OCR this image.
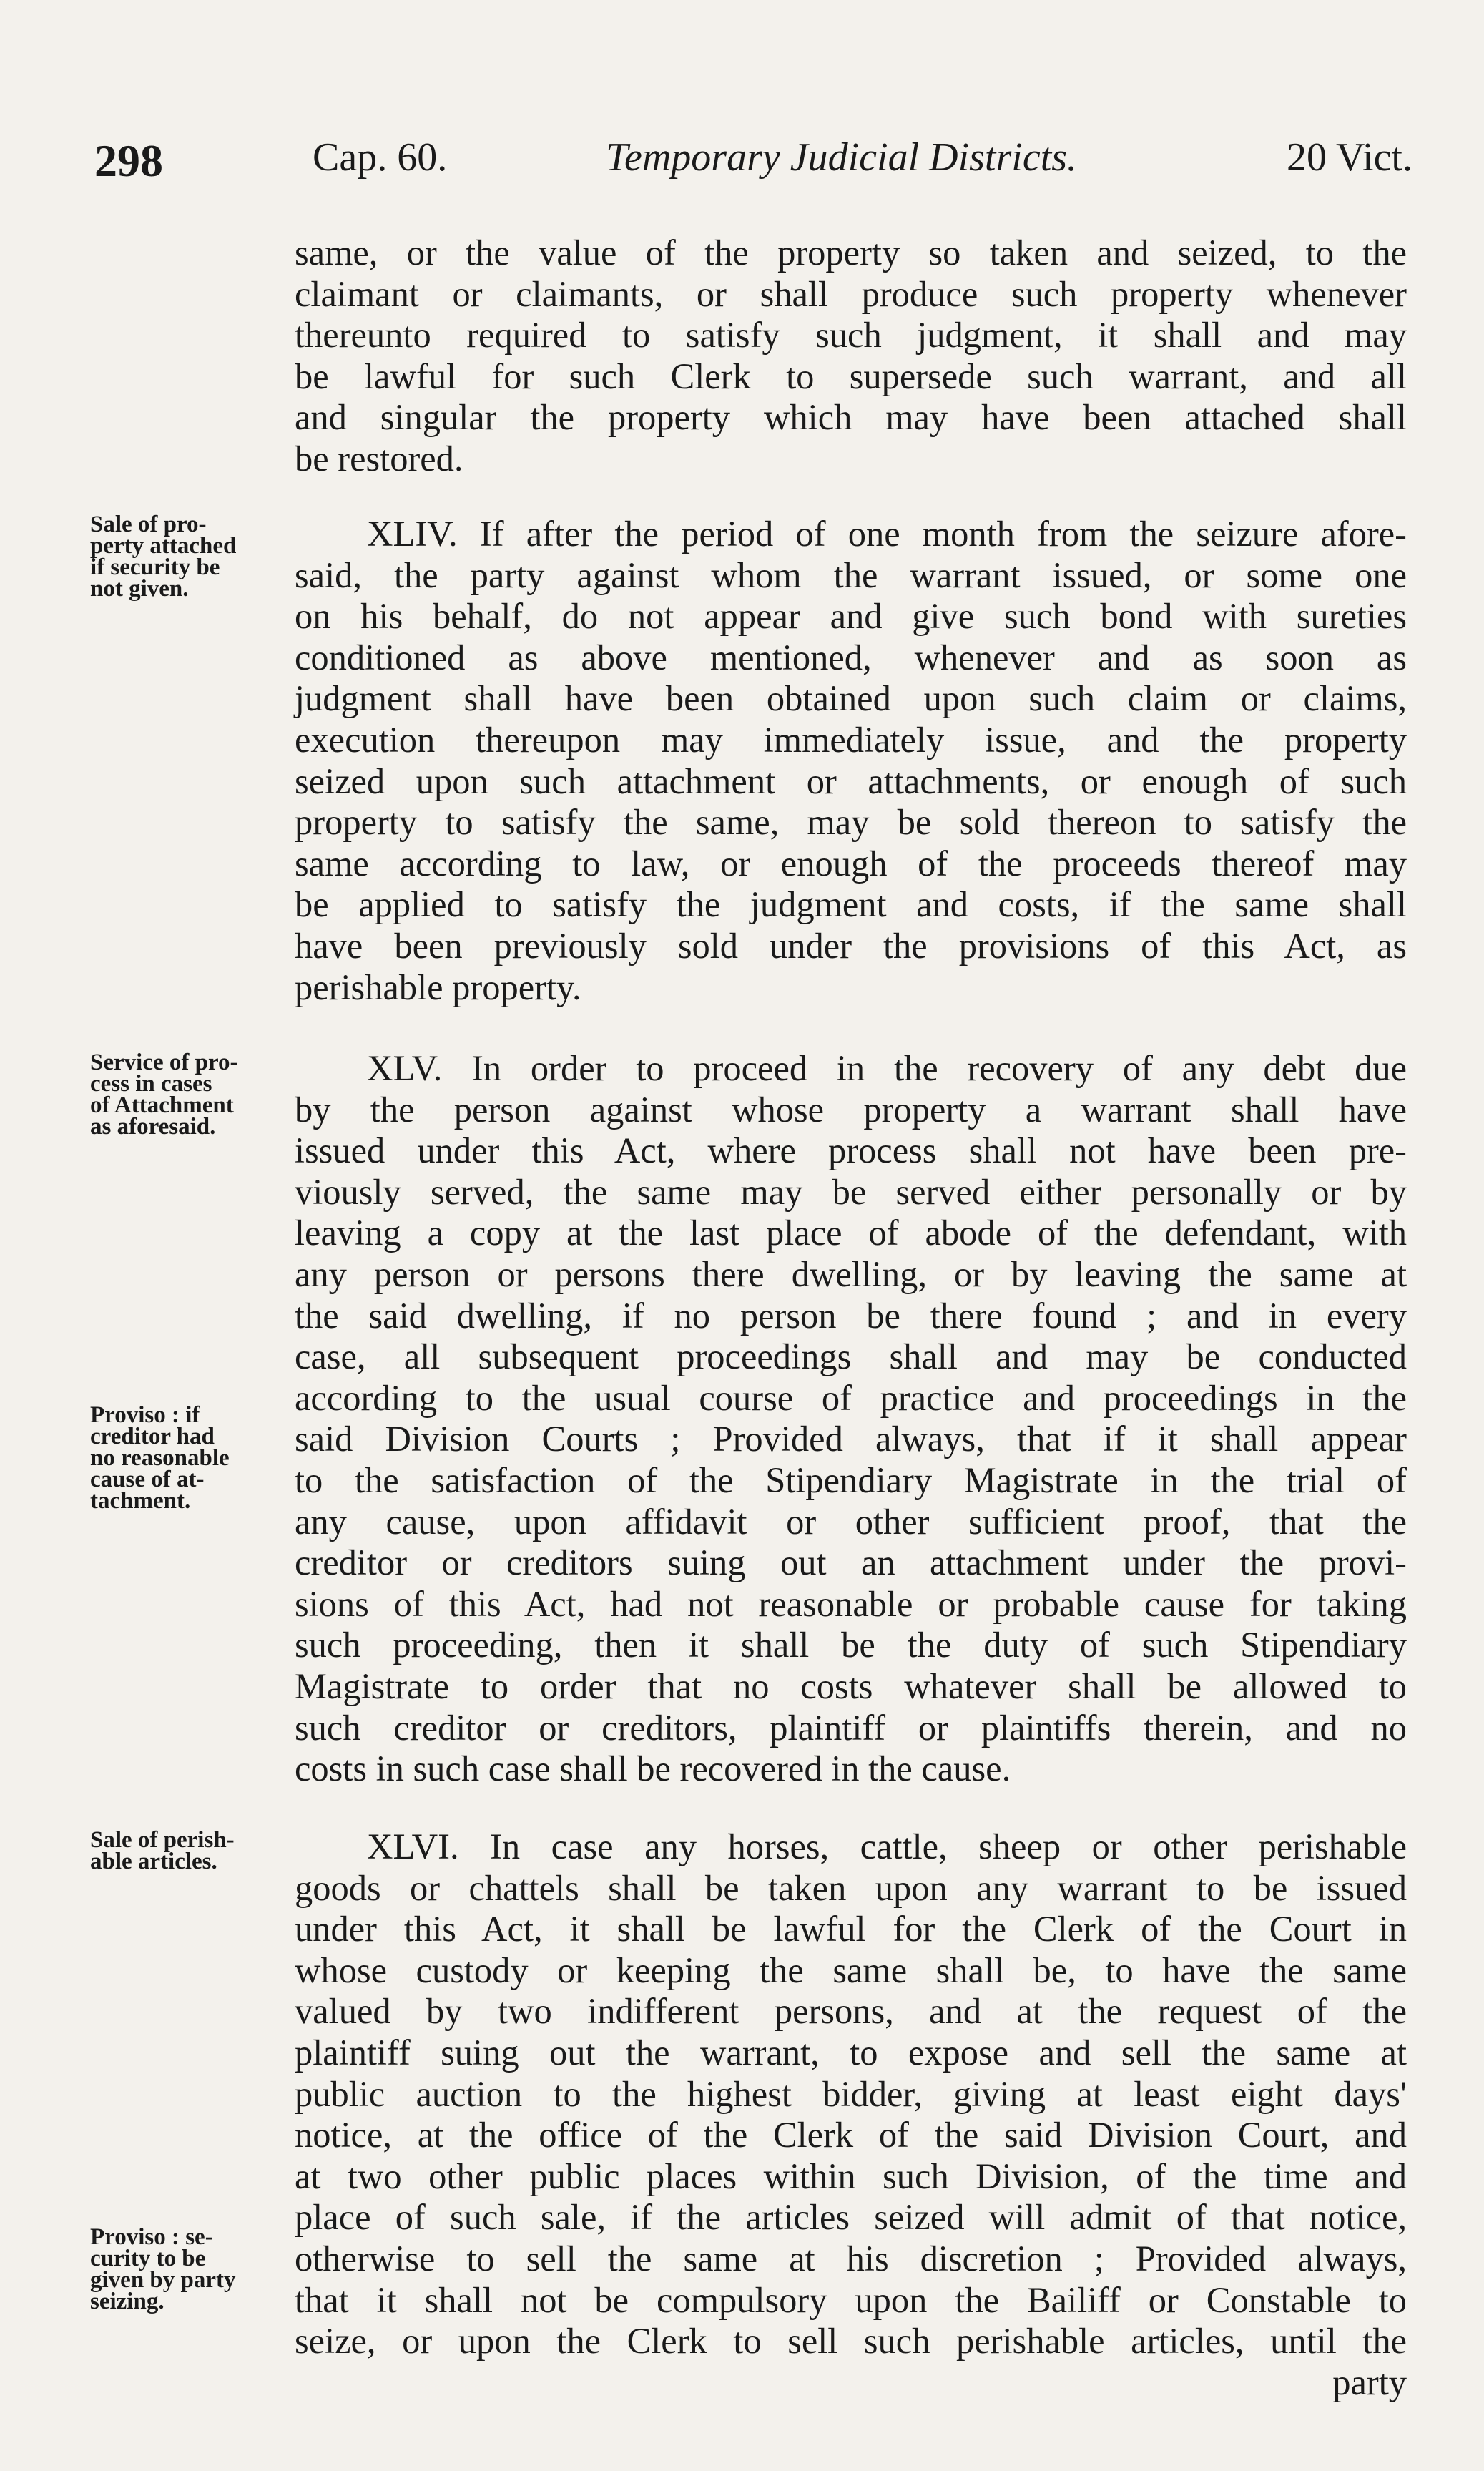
298	Cap. 60.	Temporary Judicial Districts.	20 Vict.
same, or the value of the property so taken and seized, to the
claimant or claimants, or shall produce such property whenever
thereunto required to satisfy such judgment, it shall and may
be lawful for such Clerk to supersede such warrant, and all
and singular the property which may have been attached shall
be restored.
Sale of pro-
perty attached
if security be
not given.
  XLIV. If after the period of one month from the seizure afore-
said, the party against whom the warrant issued, or some one
on his behalf, do not appear and give such bond with sureties
conditioned as above mentioned, whenever and as soon as
judgment shall have been obtained upon such claim or claims,
execution thereupon may immediately issue, and the property
seized upon such attachment or attachments, or enough of such
property to satisfy the same, may be sold thereon to satisfy the
same according to law, or enough of the proceeds thereof may
be applied to satisfy the judgment and costs, if the same shall
have been previously sold under the provisions of this Act, as
perishable property.
Service of pro-
cess in cases
of Attachment
as aforesaid.
  XLV. In order to proceed in the recovery of any debt due
by the person against whose property a warrant shall have
issued under this Act, where process shall not have been pre-
viously served, the same may be served either personally or by
leaving a copy at the last place of abode of the defendant, with
any person or persons there dwelling, or by leaving the same at
the said dwelling, if no person be there found ; and in every
case, all subsequent proceedings shall and may be conducted
according to the usual course of practice and proceedings in the
said Division Courts ; Provided always, that if it shall appear
to the satisfaction of the Stipendiary Magistrate in the trial of
any cause, upon affidavit or other sufficient proof, that the
creditor or creditors suing out an attachment under the provi-
sions of this Act, had not reasonable or probable cause for taking
such proceeding, then it shall be the duty of such Stipendiary
Magistrate to order that no costs whatever shall be allowed to
such creditor or creditors, plaintiff or plaintiffs therein, and no
costs in such case shall be recovered in the cause.
Proviso : if
creditor had
no reasonable
cause of at-
tachment.
Sale of perish-
able articles.
  	XLVI. In case any horses, cattle, sheep or other perishable
goods or chattels shall be taken upon any warrant to be issued
under this Act, it shall be lawful for the Clerk of the Court in
whose custody or keeping the same shall be, to have the same
valued by two indifferent persons, and at the request of the
plaintiff suing out the warrant, to expose and sell the same at
public auction to the highest bidder, giving at least eight days'
notice, at the office of the Clerk of the said Division Court, and
at two other public places within such Division, of the time and
place of such sale, if the articles seized will admit of that notice,
otherwise to sell the same at his discretion ; Provided always,
that it shall not be compulsory upon the Bailiff or Constable to
seize, or upon the Clerk to sell such perishable articles, until the
party
Proviso : se-
curity to be
given by party
seizing.
